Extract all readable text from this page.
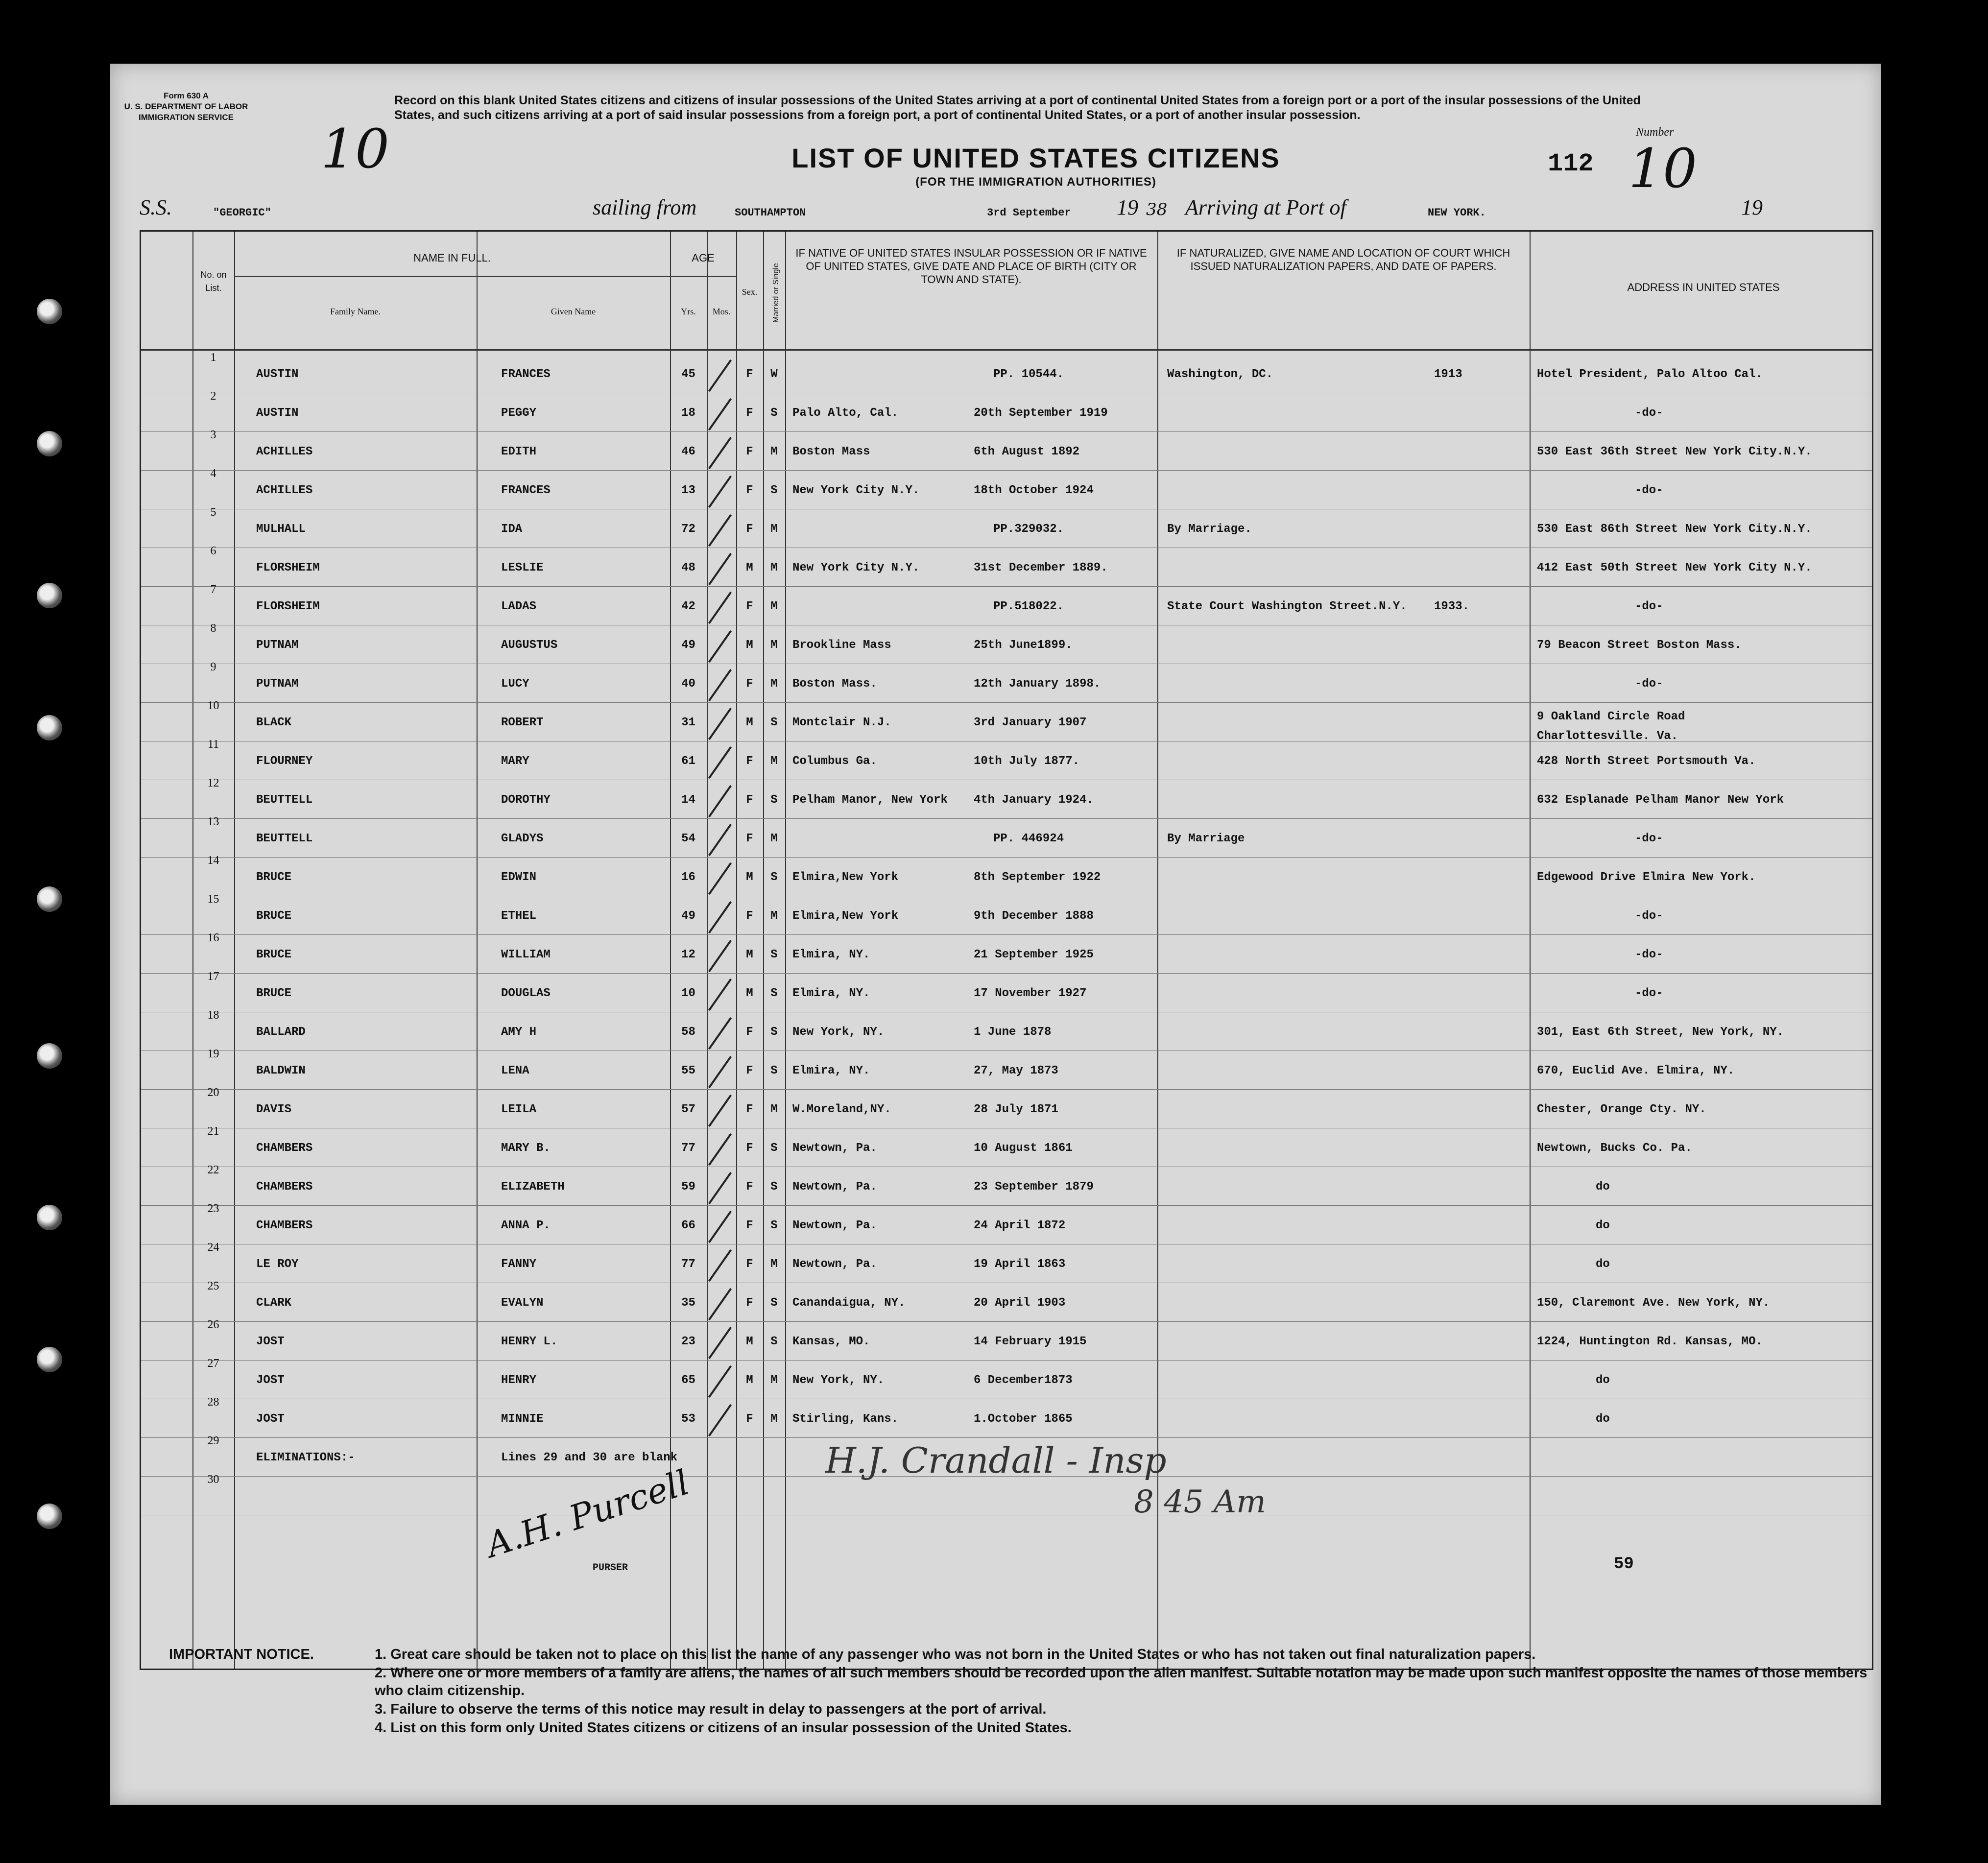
Form 630 A
U. S. DEPARTMENT OF LABOR
IMMIGRATION SERVICE
10
Record on this blank United States citizens and citizens of insular possessions of the United States arriving at a port of continental United States from a foreign port or a port of the insular possessions of the United States, and such citizens arriving at a port of said insular possessions from a foreign port, a port of continental United States, or a port of another insular possession.
LIST OF UNITED STATES CITIZENS
(FOR THE IMMIGRATION AUTHORITIES)
Number
112 10
S.S.	"GEORGIC"	sailing from	SOUTHAMPTON	3rd September 19 38 Arriving at Port of	NEW YORK.	19
No. on List.
NAME IN FULL.
Family Name.	Given Name
AGE
Yrs.	Mos.
Sex.	Married or Single
IF NATIVE OF UNITED STATES INSULAR POSSESSION OR IF NATIVE OF UNITED STATES, GIVE DATE AND PLACE OF BIRTH (CITY OR TOWN AND STATE).
IF NATURALIZED, GIVE NAME AND LOCATION OF COURT WHICH ISSUED NATURALIZATION PAPERS, AND DATE OF PAPERS.
ADDRESS IN UNITED STATES
1
AUSTIN	FRANCES	45	F	W	PP. 10544.	Washington, DC.	1913	Hotel President, Palo Altoo Cal.
2
AUSTIN	PEGGY	18	F	S	Palo Alto, Cal.	20th September 1919	-do-
3
ACHILLES	EDITH	46	F	M	Boston Mass	6th August 1892	530 East 36th Street New York City.N.Y.
4
ACHILLES	FRANCES	13	F	S	New York City N.Y.	18th October 1924	-do-
5
MULHALL	IDA	72	F	M	PP.329032.	By Marriage.	530 East 86th Street New York City.N.Y.
6
FLORSHEIM	LESLIE	48	M	M	New York City N.Y.	31st December 1889.	412 East 50th Street New York City N.Y.
7
FLORSHEIM	LADAS	42	F	M	PP.518022.	State Court Washington Street.N.Y.	1933.	-do-
8
PUTNAM	AUGUSTUS	49	M	M	Brookline Mass	25th June1899.	79 Beacon Street Boston Mass.
9
PUTNAM	LUCY	40	F	M	Boston Mass.	12th January 1898.	-do-
10
BLACK	ROBERT	31	M	S	Montclair N.J.	3rd January 1907	9 Oakland Circle Road
Charlottesville. Va.
11
FLOURNEY	MARY	61	F	M	Columbus Ga.	10th July 1877.	428 North Street Portsmouth Va.
12
BEUTTELL	DOROTHY	14	F	S	Pelham Manor, New York	4th January 1924.	632 Esplanade Pelham Manor New York
13
BEUTTELL	GLADYS	54	F	M	PP. 446924	By Marriage	-do-
14
BRUCE	EDWIN	16	M	S	Elmira,New York	8th September 1922	Edgewood Drive Elmira New York.
15
BRUCE	ETHEL	49	F	M	Elmira,New York	9th December 1888	-do-
16
BRUCE	WILLIAM	12	M	S	Elmira, NY.	21 September 1925	-do-
17
BRUCE	DOUGLAS	10	M	S	Elmira, NY.	17 November 1927	-do-
18
BALLARD	AMY H	58	F	S	New York, NY.	1 June 1878	301, East 6th Street, New York, NY.
19
BALDWIN	LENA	55	F	S	Elmira, NY.	27, May 1873	670, Euclid Ave. Elmira, NY.
20
DAVIS	LEILA	57	F	M	W.Moreland,NY.	28 July 1871	Chester, Orange Cty. NY.
21
CHAMBERS	MARY B.	77	F	S	Newtown, Pa.	10 August 1861	Newtown, Bucks Co. Pa.
22
CHAMBERS	ELIZABETH	59	F	S	Newtown, Pa.	23 September 1879	do
23
CHAMBERS	ANNA P.	66	F	S	Newtown, Pa.	24 April 1872	do
24
LE ROY	FANNY	77	F	M	Newtown, Pa.	19 April 1863	do
25
CLARK	EVALYN	35	F	S	Canandaigua, NY.	20 April 1903	150, Claremont Ave. New York, NY.
26
JOST	HENRY L.	23	M	S	Kansas, MO.	14 February 1915	1224, Huntington Rd. Kansas, MO.
27
JOST	HENRY	65	M	M	New York, NY.	6 December1873	do
28
JOST	MINNIE	53	F	M	Stirling, Kans.	1.October 1865	do
29
ELIMINATIONS:-	Lines 29 and 30 are blank
30	A.H. Purcell
PURSER
H.J. Crandall - Insp
8 45 Am
59
IMPORTANT NOTICE.	1. Great care should be taken not to place on this list the name of any passenger who was not born in the United States or who has not taken out final naturalization papers.
2. Where one or more members of a family are aliens, the names of all such members should be recorded upon the alien manifest. Suitable notation may be made upon such manifest opposite the names of those members who claim citizenship.
3. Failure to observe the terms of this notice may result in delay to passengers at the port of arrival.
4. List on this form only United States citizens or citizens of an insular possession of the United States.
